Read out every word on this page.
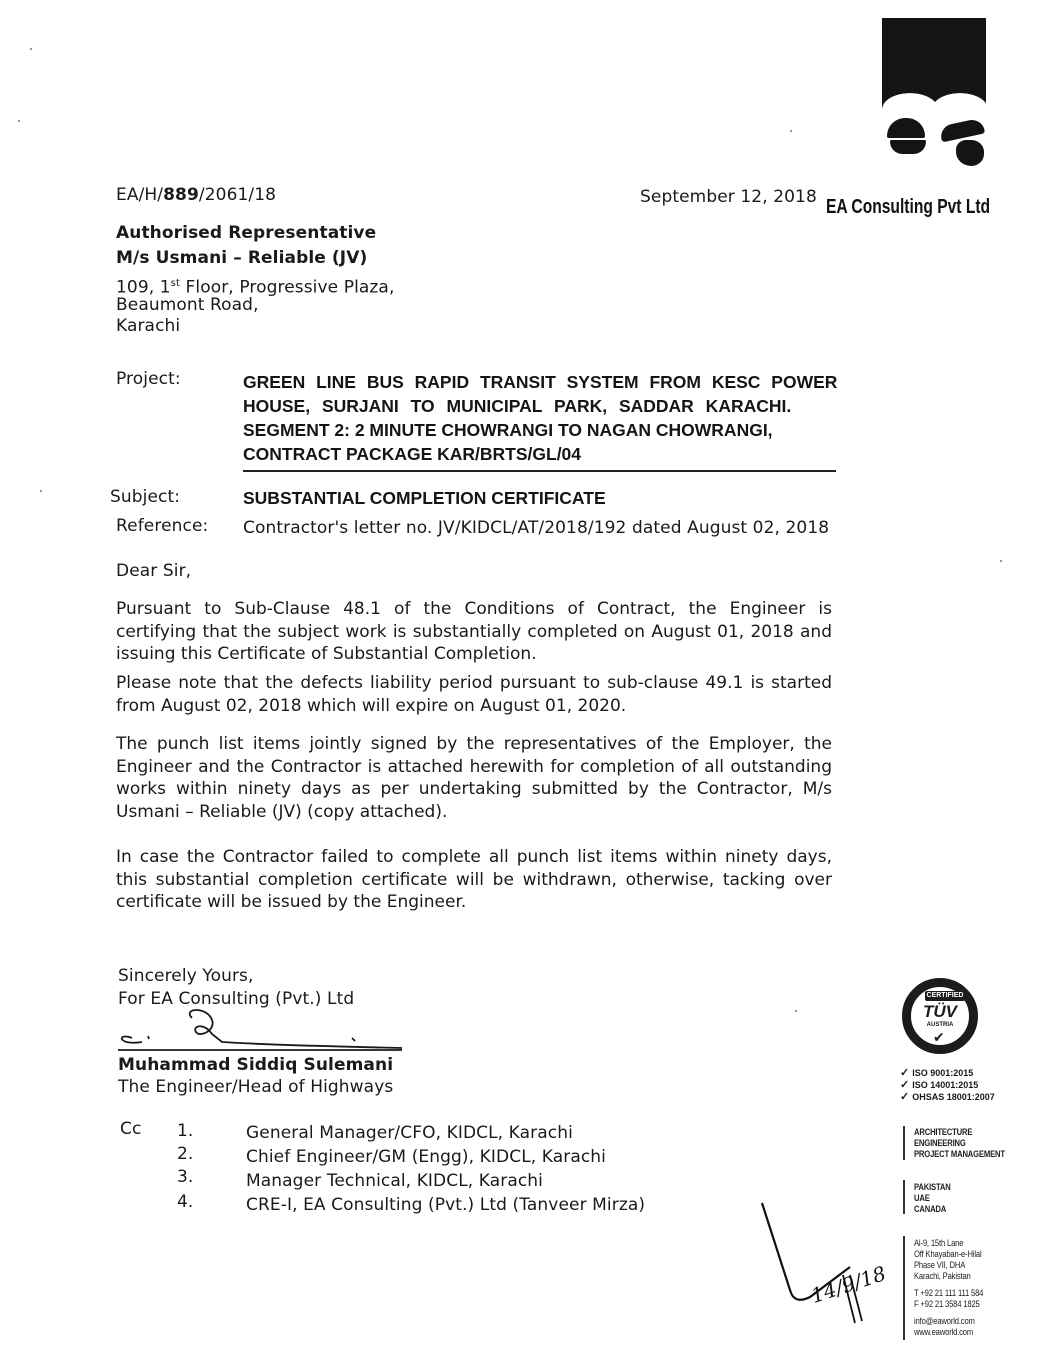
EA Consulting Pvt Ltd
EA/H/889/2061/18	September 12, 2018
Authorised Representative
M/s Usmani – Reliable (JV)
109, 1st Floor, Progressive Plaza,
Beaumont Road,
Karachi
Project:	GREEN LINE BUS RAPID TRANSIT SYSTEM FROM KESC POWER
HOUSE, SURJANI TO MUNICIPAL PARK, SADDAR KARACHI.
SEGMENT 2: 2 MINUTE CHOWRANGI TO NAGAN CHOWRANGI,
CONTRACT PACKAGE KAR/BRTS/GL/04
Subject:	SUBSTANTIAL COMPLETION CERTIFICATE
Reference: Contractor's letter no. JV/KIDCL/AT/2018/192 dated August 02, 2018
Dear Sir,
Pursuant to Sub-Clause 48.1 of the Conditions of Contract, the Engineer is certifying that the subject work is substantially completed on August 01, 2018 and issuing this Certificate of Substantial Completion.
Please note that the defects liability period pursuant to sub-clause 49.1 is started from August 02, 2018 which will expire on August 01, 2020.
The punch list items jointly signed by the representatives of the Employer, the Engineer and the Contractor is attached herewith for completion of all outstanding works within ninety days as per undertaking submitted by the Contractor, M/s Usmani – Reliable (JV) (copy attached).
In case the Contractor failed to complete all punch list items within ninety days, this substantial completion certificate will be withdrawn, otherwise, tacking over certificate will be issued by the Engineer.
Sincerely Yours,
For EA Consulting (Pvt.) Ltd
Muhammad Siddiq Sulemani
The Engineer/Head of Highways
Cc 1.	General Manager/CFO, KIDCL, Karachi
2.	Chief Engineer/GM (Engg), KIDCL, Karachi
3.	Manager Technical, KIDCL, Karachi
4.	CRE-I, EA Consulting (Pvt.) Ltd (Tanveer Mirza)
14/9/18
CERTIFIED
TÜV
AUSTRIA
✔
✓ ISO 9001:2015
✓ ISO 14001:2015
✓ OHSAS 18001:2007
ARCHITECTURE
ENGINEERING
PROJECT MANAGEMENT
PAKISTAN
UAE
CANADA
Al-9, 15th Lane
Off Khayaban-e-Hilal
Phase VII, DHA
Karachi, Pakistan
T +92 21 111 111 584
F +92 21 3584 1825
info@eaworld.com
www.eaworld.com
